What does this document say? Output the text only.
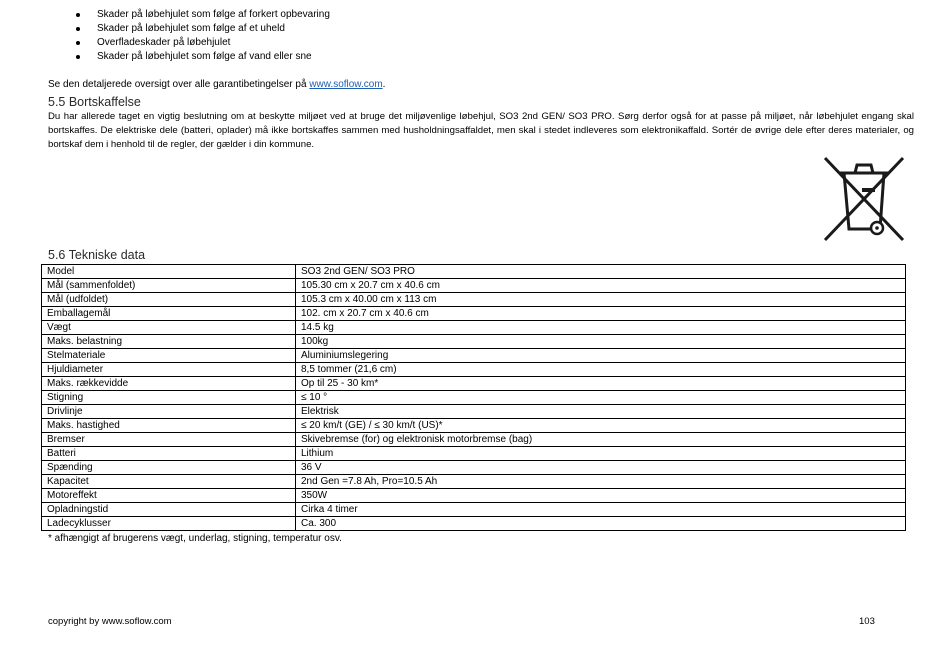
Skader på løbehjulet som følge af forkert opbevaring
Skader på løbehjulet som følge af et uheld
Overfladeskader på løbehjulet
Skader på løbehjulet som følge af vand eller sne
Se den detaljerede oversigt over alle garantibetingelser på www.soflow.com.
5.5 Bortskaffelse
Du har allerede taget en vigtig beslutning om at beskytte miljøet ved at bruge det miljøvenlige løbehjul, SO3 2nd GEN/ SO3 PRO. Sørg derfor også for at passe på miljøet, når løbehjulet engang skal bortskaffes. De elektriske dele (batteri, oplader) må ikke bortskaffes sammen med husholdningsaffaldet, men skal i stedet indleveres som elektronikaffald. Sortér de øvrige dele efter deres materialer, og bortskaf dem i henhold til de regler, der gælder i din kommune.
5.6 Tekniske data
Model	SO3 2nd GEN/ SO3 PRO
Mål (sammenfoldet)	105.30 cm x 20.7 cm x 40.6 cm
Mål (udfoldet)	105.3 cm x 40.00 cm x 113 cm
Emballagemål	102. cm x 20.7 cm x 40.6 cm
Vægt	14.5 kg
Maks. belastning	100kg
Stelmateriale	Aluminiumslegering
Hjuldiameter	8,5 tommer (21,6 cm)
Maks. rækkevidde	Op til 25 - 30 km*
Stigning	≤ 10 °
Drivlinje	Elektrisk
Maks. hastighed	≤ 20 km/t (GE) / ≤ 30 km/t (US)*
Bremser	Skivebremse (for) og elektronisk motorbremse (bag)
Batteri	Lithium
Spænding	36 V
Kapacitet	2nd Gen =7.8 Ah, Pro=10.5 Ah
Motoreffekt	350W
Opladningstid	Cirka 4 timer
Ladecyklusser	Ca. 300
* afhængigt af brugerens vægt, underlag, stigning, temperatur osv.
copyright by www.soflow.com	103
